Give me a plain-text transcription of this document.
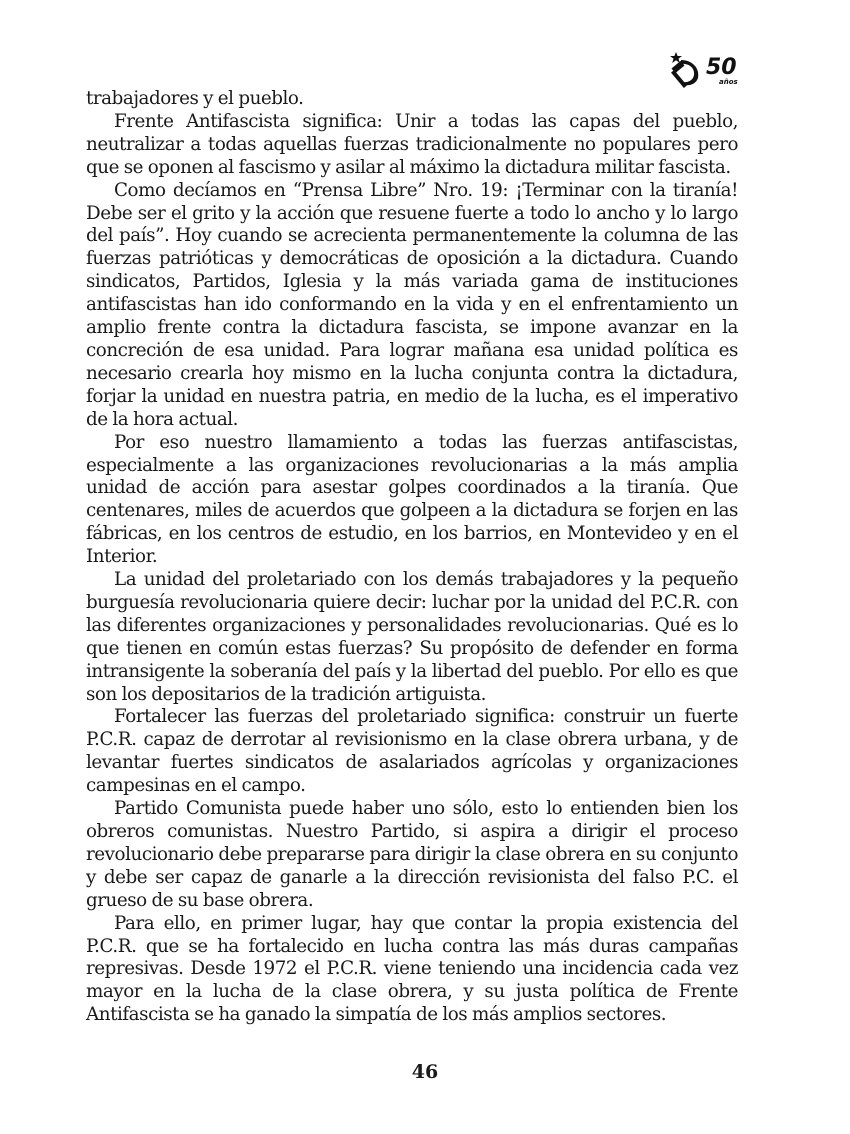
50
años

trabajadores y el pueblo.

Frente Antifascista significa: Unir a todas las capas del pueblo, neutralizar a todas aquellas fuerzas tradicionalmente no populares pero que se oponen al fascismo y asilar al máximo la dictadura militar fascista.

Como decíamos en “Prensa Libre” Nro. 19: ¡Terminar con la tiranía! Debe ser el grito y la acción que resuene fuerte a todo lo ancho y lo largo del país”. Hoy cuando se acrecienta permanentemente la columna de las fuerzas patrióticas y democráticas de oposición a la dictadura. Cuando sindicatos, Partidos, Iglesia y la más variada gama de instituciones antifascistas han ido conformando en la vida y en el enfrentamiento un amplio frente contra la dictadura fascista, se impone avanzar en la concreción de esa unidad. Para lograr mañana esa unidad política es necesario crearla hoy mismo en la lucha conjunta contra la dictadura, forjar la unidad en nuestra patria, en medio de la lucha, es el imperativo de la hora actual.

Por eso nuestro llamamiento a todas las fuerzas antifascistas, especialmente a las organizaciones revolucionarias a la más amplia unidad de acción para asestar golpes coordinados a la tiranía. Que centenares, miles de acuerdos que golpeen a la dictadura se forjen en las fábricas, en los centros de estudio, en los barrios, en Montevideo y en el Interior.

La unidad del proletariado con los demás trabajadores y la pequeño burguesía revolucionaria quiere decir: luchar por la unidad del P.C.R. con las diferentes organizaciones y personalidades revolucionarias. Qué es lo que tienen en común estas fuerzas? Su propósito de defender en forma intransigente la soberanía del país y la libertad del pueblo. Por ello es que son los depositarios de la tradición artiguista.

Fortalecer las fuerzas del proletariado significa: construir un fuerte P.C.R. capaz de derrotar al revisionismo en la clase obrera urbana, y de levantar fuertes sindicatos de asalariados agrícolas y organizaciones campesinas en el campo.

Partido Comunista puede haber uno sólo, esto lo entienden bien los obreros comunistas. Nuestro Partido, si aspira a dirigir el proceso revolucionario debe prepararse para dirigir la clase obrera en su conjunto y debe ser capaz de ganarle a la dirección revisionista del falso P.C. el grueso de su base obrera.

Para ello, en primer lugar, hay que contar la propia existencia del P.C.R. que se ha fortalecido en lucha contra las más duras campañas represivas. Desde 1972 el P.C.R. viene teniendo una incidencia cada vez mayor en la lucha de la clase obrera, y su justa política de Frente Antifascista se ha ganado la simpatía de los más amplios sectores.

46
